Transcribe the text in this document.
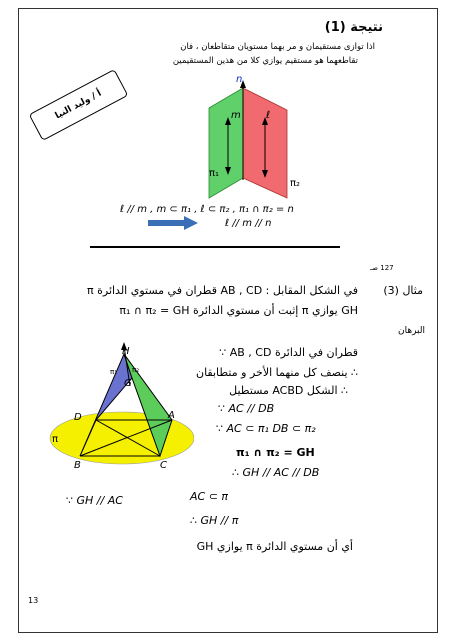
نتيجة (1)
اذا توازى مستقيمان و مر بهما مستويان متقاطعان ، فان
تقاطعهما هو مستقيم يوازي كلا من هذين المستقيمين
أ / وليد النيا
n
m	ℓ
π₁
π₂
ℓ // m , m ⊂ π₁ , ℓ ⊂ π₂ , π₁ ∩ π₂ = n
ℓ // m // n
127 صـ
مثال (3)
في الشكل المقابل : AB , CD قطران في مستوي الدائرة π
π₁ ∩ π₂ = GH إثبت أن مستوي الدائرة π يوازي GH
البرهان
∵ AB , CD قطران في الدائرة
∴ ينصف كل منهما الأخر و متطابقان
∴ الشكل ACBD مستطيل
∵ AC // DB
∵ AC ⊂ π₁ DB ⊂ π₂
π₁ ∩ π₂ = GH
∴ GH // AC // DB
∵ GH // AC	AC ⊂ π
∴ GH // π
أي أن مستوي الدائرة π يوازي GH
H
G
D	A
B	C
π
π₁ π₂
13
